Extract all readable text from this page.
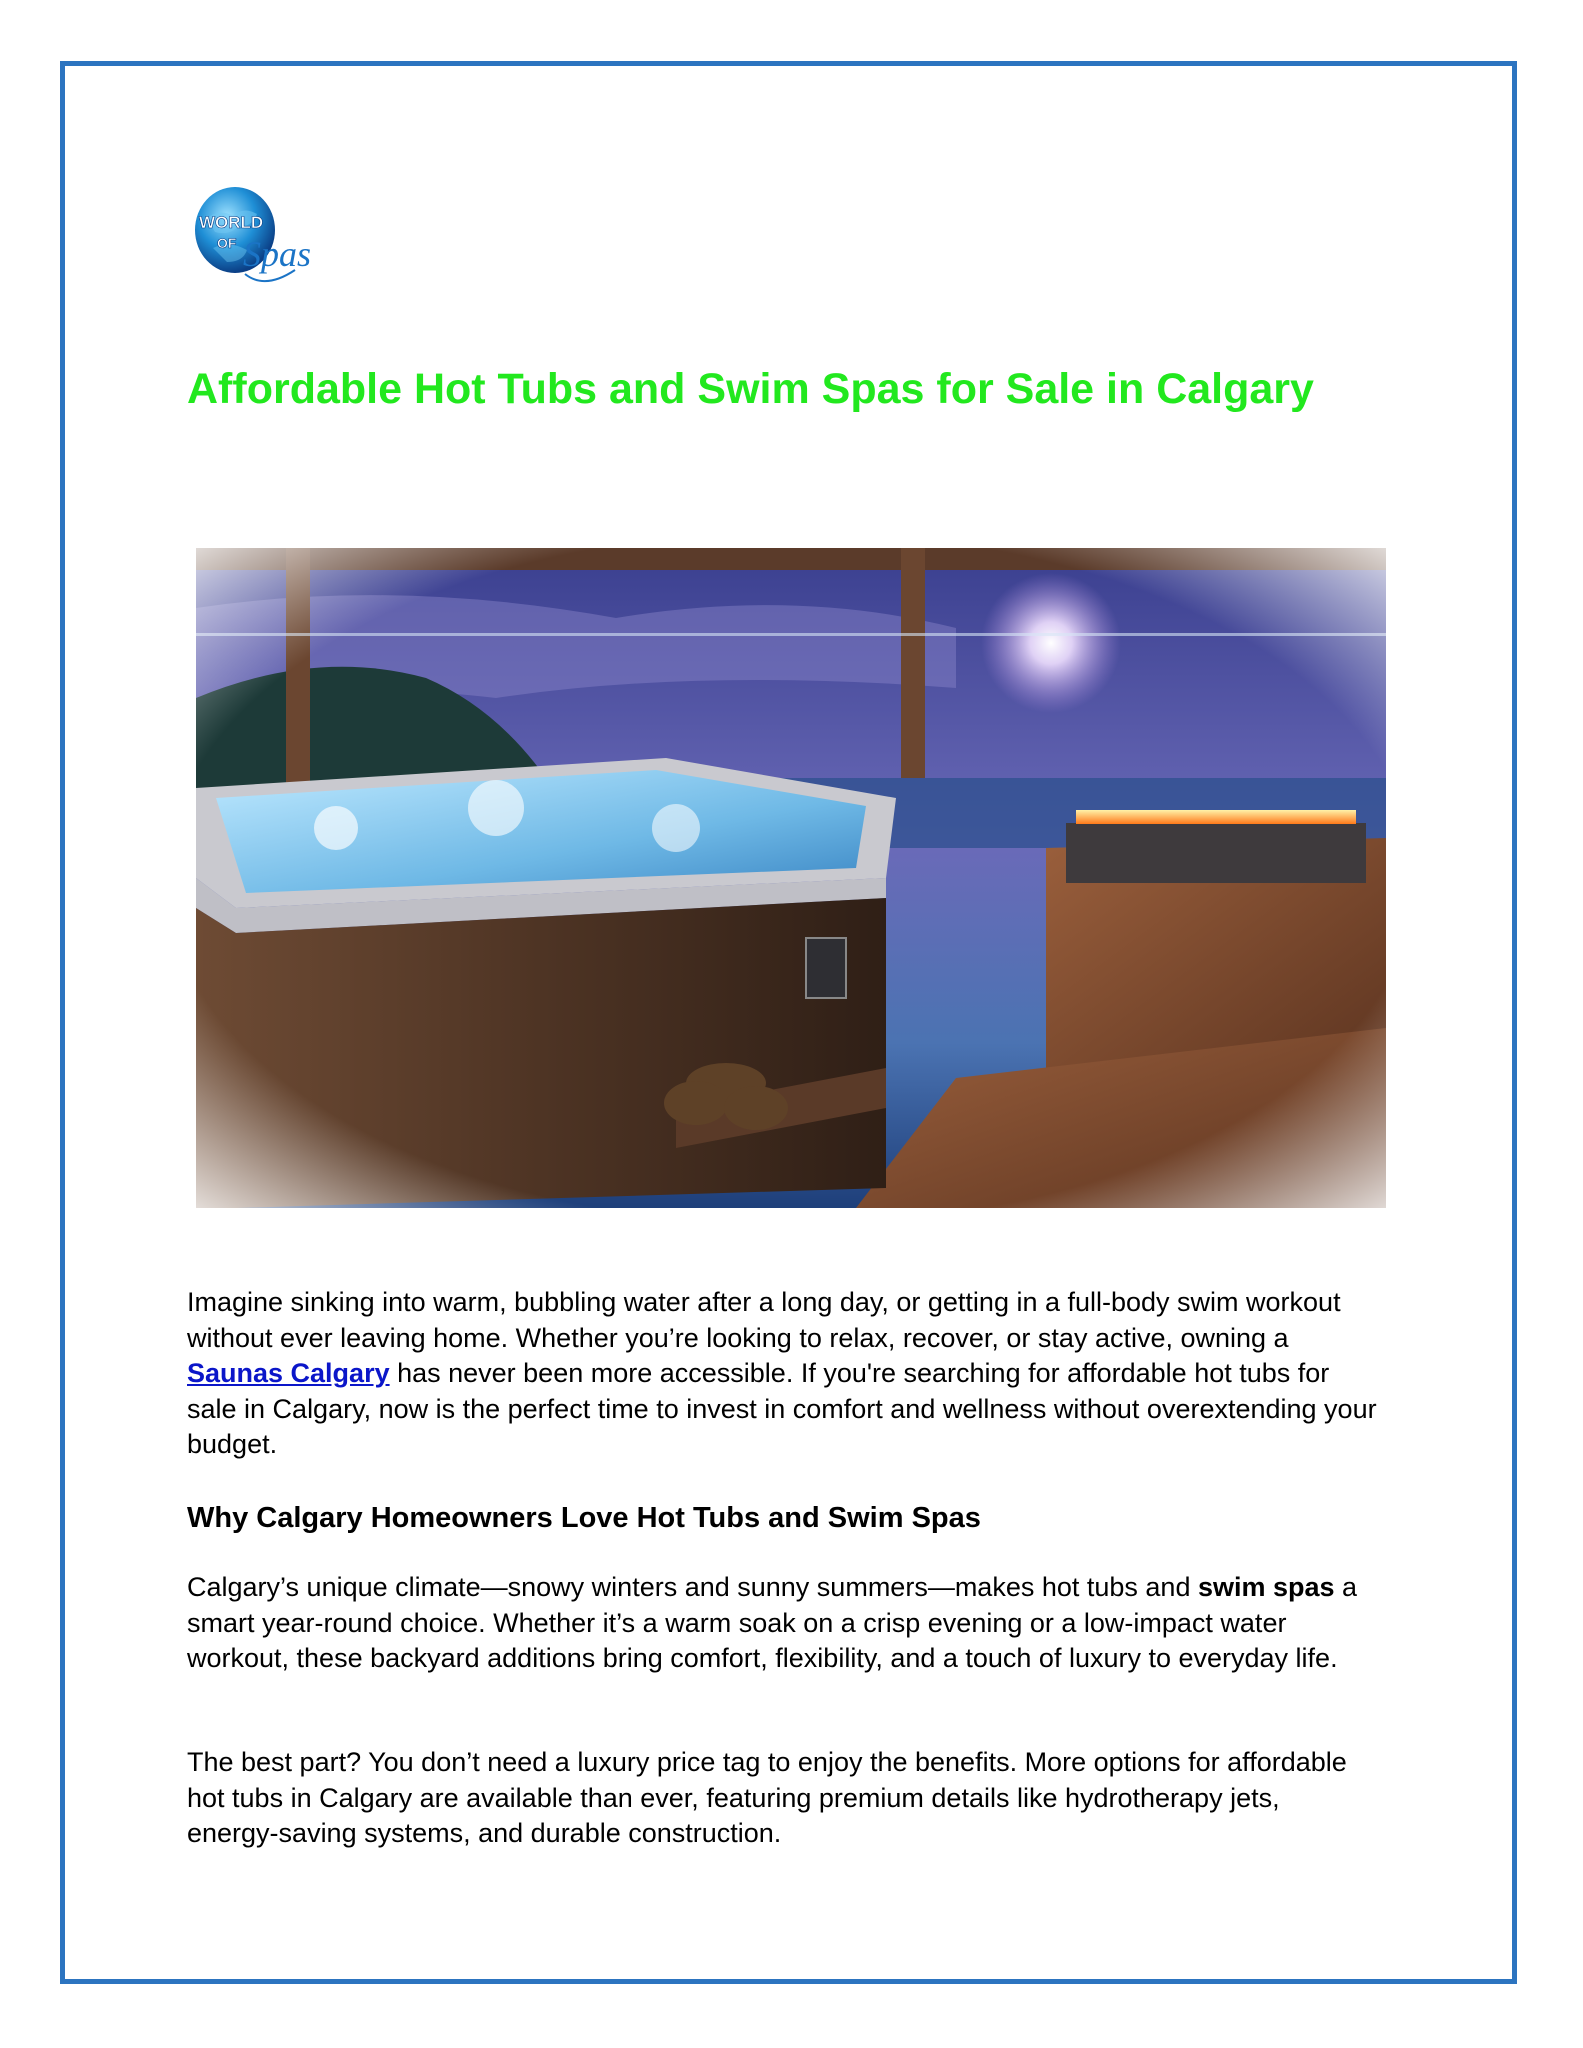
WORLD
OF Spas
Affordable Hot Tubs and Swim Spas for Sale in Calgary

Imagine sinking into warm, bubbling water after a long day, or getting in a full-body swim workout without ever leaving home. Whether you’re looking to relax, recover, or stay active, owning a Saunas Calgary has never been more accessible. If you're searching for affordable hot tubs for sale in Calgary, now is the perfect time to invest in comfort and wellness without overextending your budget.

Why Calgary Homeowners Love Hot Tubs and Swim Spas

Calgary’s unique climate—snowy winters and sunny summers—makes hot tubs and swim spas a smart year-round choice. Whether it’s a warm soak on a crisp evening or a low-impact water workout, these backyard additions bring comfort, flexibility, and a touch of luxury to everyday life.

The best part? You don’t need a luxury price tag to enjoy the benefits. More options for affordable hot tubs in Calgary are available than ever, featuring premium details like hydrotherapy jets, energy-saving systems, and durable construction.
